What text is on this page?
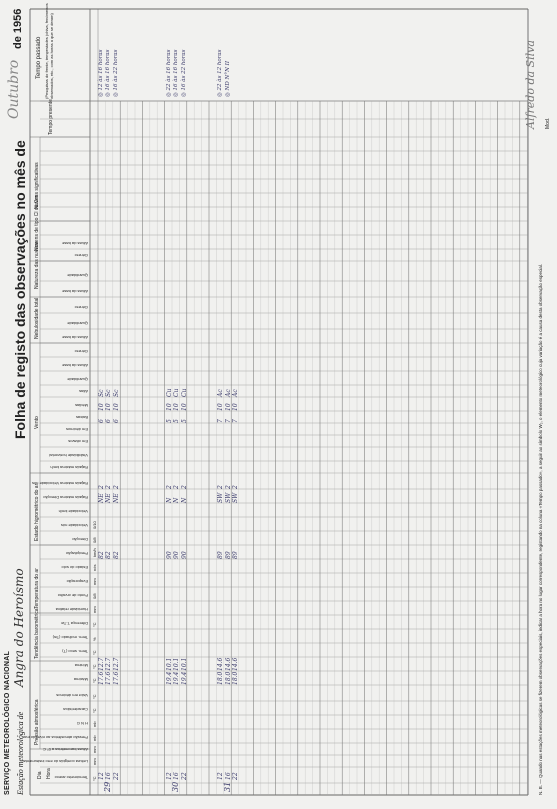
SERVIÇO METEOROLÓGICO NACIONAL Estação meteorológica de
Angra do Heroísmo
Folha de registo das observações no mês de
Outubro
de 1956
Dia Hora
Pressão atmosférica
Tendência barométrica
Temperatura do ar
Estado higrométrico do ar
Vento
Nebulosidade total
Natureza das nuvens
Nuvens de tipo Cl ou Cm
Nuvens significativas
Tempo presente
Tempo passado (Pesquisas do frente, tempestades (chiva, fenómenos observados, etc., com as horas a que se deram)
Termómetro anexo
Leitura corrigida do erro instrumental
Altura barométrica a 0° C
Pressão atmosférica ao nível do mar
H N G
Característica
Valor em décimos
Máxima
Mínima
Term. seco (T)
Term. molhado (Tw)
Diferença T-Tw
Humidade relativa
Ponto de orvalho
Evaporação
Estado do solo
Precipitação
Direcção
Velocidade nós
Velocidade km/h
Rajada máxima Direcção
Rajada máxima Velocidade nós
Rajada máxima km/h
Visibilidade horizontal
Em oitavos
Em décimos
Baixas
Médias
Altas
Quantidade
Altura da base
Género
Altura da base
Quantidade
Género
Altura da base
Quantidade
Género
Altura da base
°C
mm
mm
mb
mb
°C
°C
°C
°C
°C
%
°C
mm
0/8
mm
nós
km/h
0/8
0/10
29
12
17.6
12.7
82
NE
2
6
10
Sc
16
17.6
12.7
82
NE
2
6
10
Sc
22
17.6
12.7
82
NE
2
6
10
Sc
◎ 12 às 16 horas ◎ 16 às 16 horas ◎ 16 às 22 horas
30
12
19.4
10.1
90
N
2
5
10
Cu
16
19.4
10.1
90
N
2
5
10
Cu
22
19.4
10.1
90
N
2
5
10
Cu
◎ 22 às 16 horas ◎ 16 às 16 horas ◎ 16 às 22 horas
31
12
18.0
14.6
89
SW
2
7
10
Ac
16
18.0
14.6
89
SW
2
7
10
Ac
22
18.0
14.6
89
SW
2
7
10
Ac
◎ 22 às 12 horas ◎ ND N°N II
N. B. — Quando nas estações meteorológicas se fizerem observações especiais, indicar a hora no lugar correspondente, registando na coluna «Tempo passado», a seguir ao símbolo W₂, o elemento meteorológico cuja variação é a causa desta observação especial.
Alfredo da Silva Mod.
